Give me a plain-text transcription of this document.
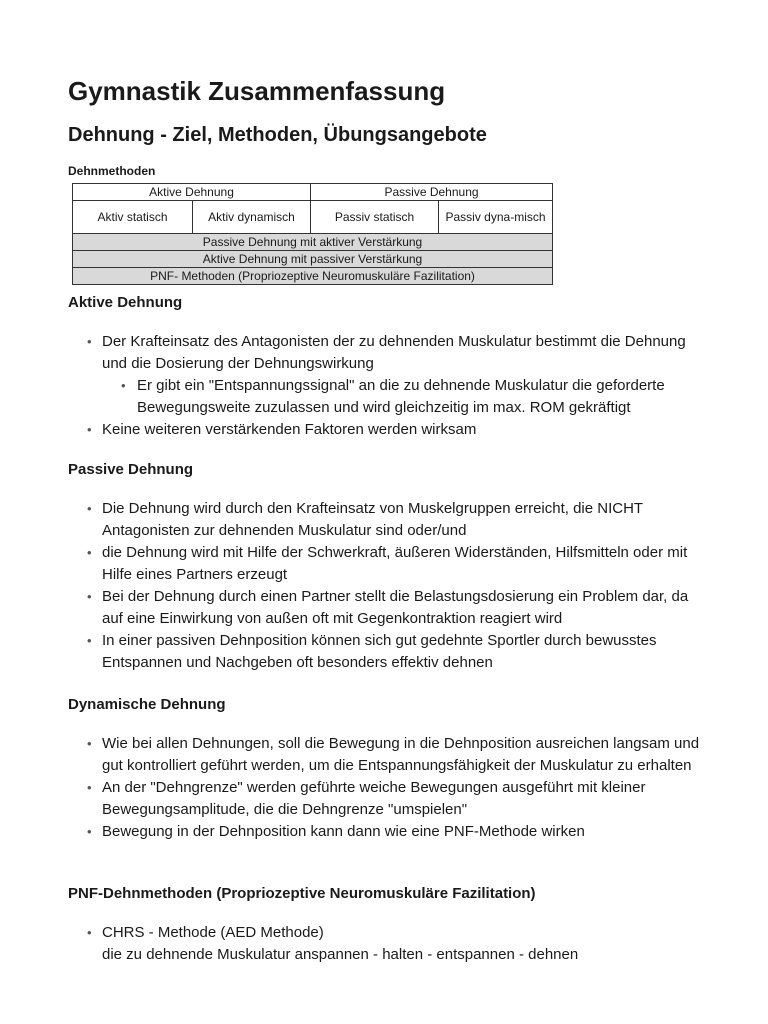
Gymnastik Zusammenfassung
Dehnung - Ziel, Methoden, Übungsangebote
Dehnmethoden
Aktive Dehnung		Passive Dehnung	
Aktiv statisch	Aktiv dynamisch	Passiv statisch	Passiv dyna-misch
Passive Dehnung mit aktiver Verstärkung			
Aktive Dehnung mit passiver Verstärkung			
PNF- Methoden (Propriozeptive Neuromuskuläre Fazilitation)			
Aktive Dehnung
• Der Krafteinsatz des Antagonisten der zu dehnenden Muskulatur bestimmt die Dehnung und die Dosierung der Dehnungswirkung
• Er gibt ein "Entspannungssignal" an die zu dehnende Muskulatur die geforderte Bewegungsweite zuzulassen und wird gleichzeitig im max. ROM gekräftigt
• Keine weiteren verstärkenden Faktoren werden wirksam
Passive Dehnung
• Die Dehnung wird durch den Krafteinsatz von Muskelgruppen erreicht, die NICHT Antagonisten zur dehnenden Muskulatur sind oder/und
• die Dehnung wird mit Hilfe der Schwerkraft, äußeren Widerständen, Hilfsmitteln oder mit Hilfe eines Partners erzeugt
• Bei der Dehnung durch einen Partner stellt die Belastungsdosierung ein Problem dar, da auf eine Einwirkung von außen oft mit Gegenkontraktion reagiert wird
• In einer passiven Dehnposition können sich gut gedehnte Sportler durch bewusstes Entspannen und Nachgeben oft besonders effektiv dehnen
Dynamische Dehnung
• Wie bei allen Dehnungen, soll die Bewegung in die Dehnposition ausreichen langsam und gut kontrolliert geführt werden, um die Entspannungsfähigkeit der Muskulatur zu erhalten
• An der "Dehngrenze" werden geführte weiche Bewegungen ausgeführt mit kleiner Bewegungsamplitude, die die Dehngrenze "umspielen"
• Bewegung in der Dehnposition kann dann wie eine PNF-Methode wirken
PNF-Dehnmethoden (Propriozeptive Neuromuskuläre Fazilitation)
• CHRS - Methode (AED Methode)
die zu dehnende Muskulatur anspannen - halten - entspannen - dehnen
